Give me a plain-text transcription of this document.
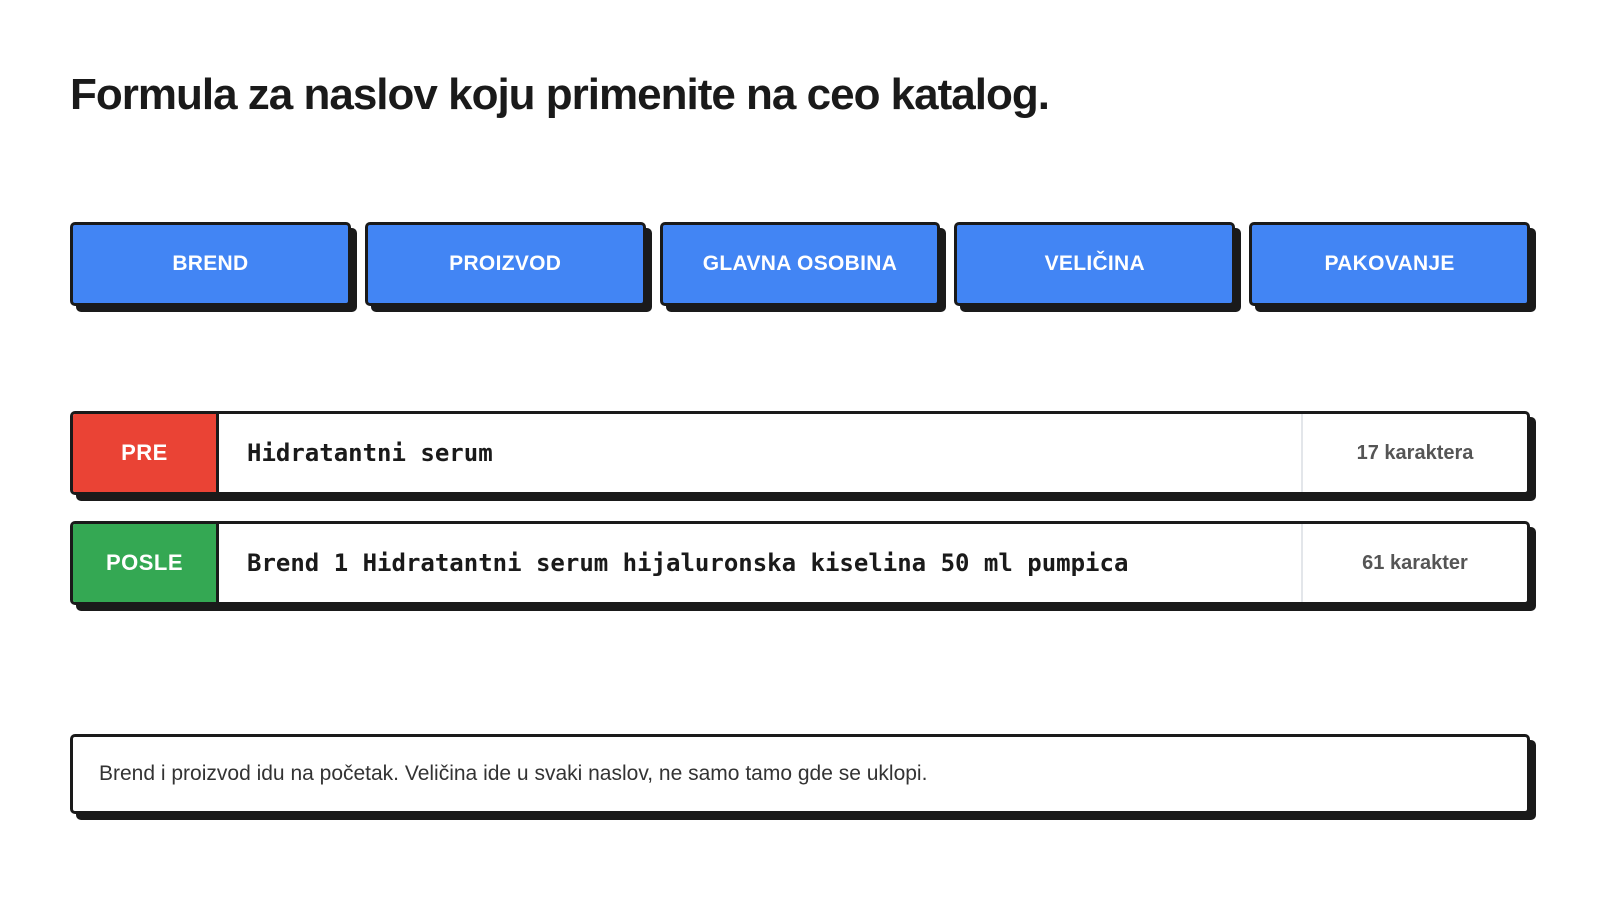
Formula za naslov koju primenite na ceo katalog.
BREND	PROIZVOD	GLAVNA OSOBINA	VELIČINA	PAKOVANJE
PRE	Hidratantni serum	17 karaktera
POSLE	Brend 1 Hidratantni serum hijaluronska kiselina 50 ml pumpica	61 karakter
Brend i proizvod idu na početak. Veličina ide u svaki naslov, ne samo tamo gde se uklopi.
